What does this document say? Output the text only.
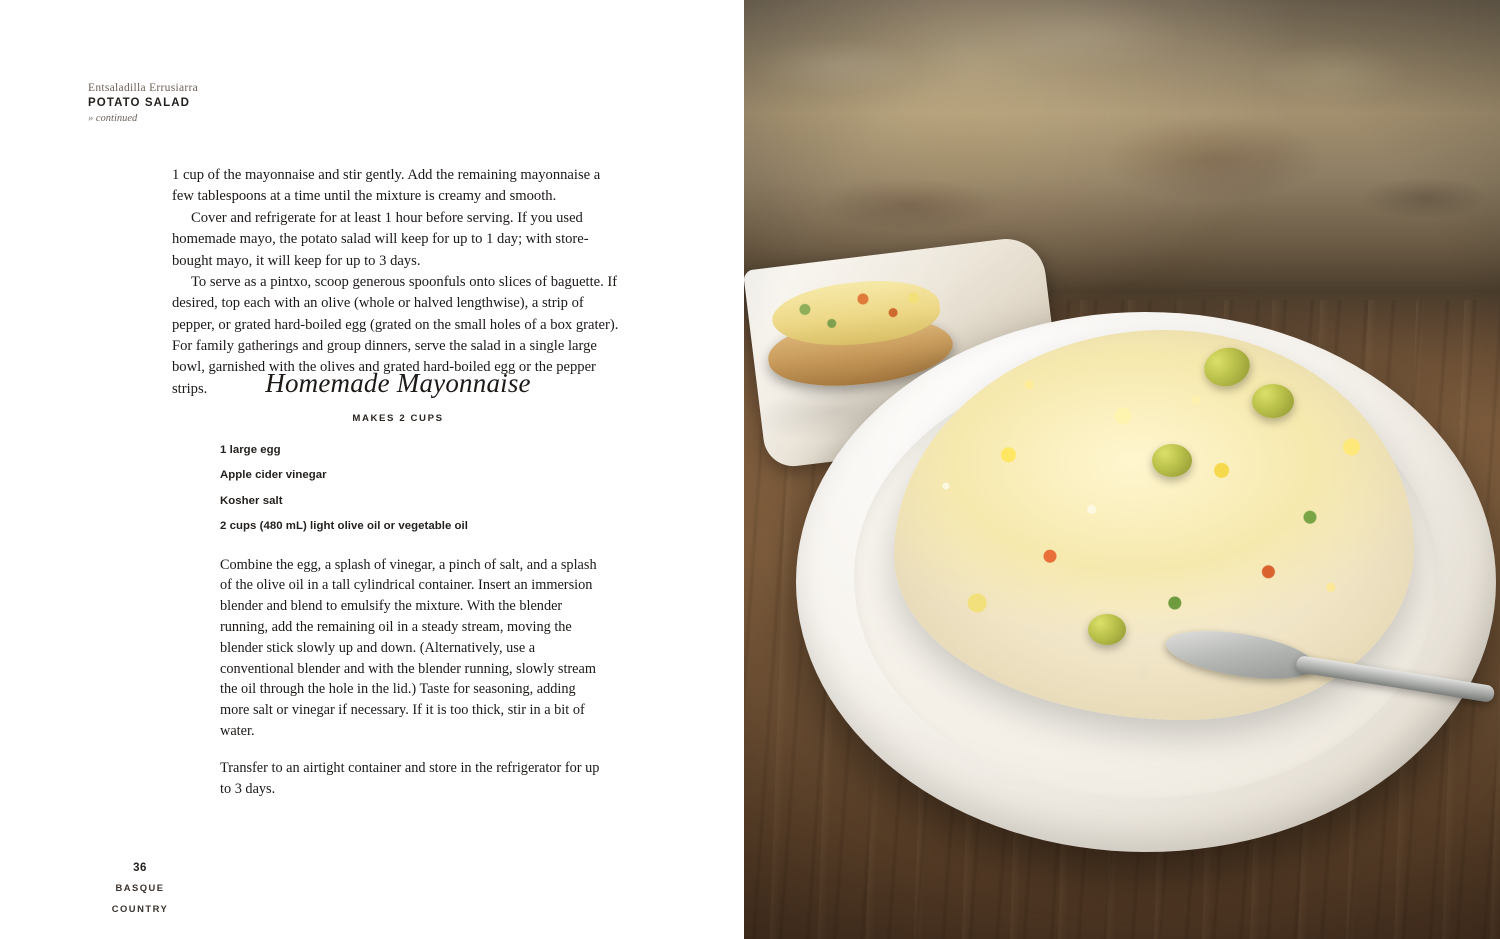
Entsaladilla Errusiarra
POTATO SALAD
» continued

1 cup of the mayonnaise and stir gently. Add the remaining mayonnaise a few tablespoons at a time until the mixture is creamy and smooth.

Cover and refrigerate for at least 1 hour before serving. If you used homemade mayo, the potato salad will keep for up to 1 day; with store-bought mayo, it will keep for up to 3 days.

To serve as a pintxo, scoop generous spoonfuls onto slices of baguette. If desired, top each with an olive (whole or halved lengthwise), a strip of pepper, or grated hard-boiled egg (grated on the small holes of a box grater). For family gatherings and group dinners, serve the salad in a single large bowl, garnished with the olives and grated hard-boiled egg or the pepper strips.	Homemade Mayonnaise
MAKES 2 CUPS
1 large egg
Apple cider vinegar
Kosher salt
2 cups (480 mL) light olive oil or vegetable oil

Combine the egg, a splash of vinegar, a pinch of salt, and a splash of the olive oil in a tall cylindrical container. Insert an immersion blender and blend to emulsify the mixture. With the blender running, add the remaining oil in a steady stream, moving the blender stick slowly up and down. (Alternatively, use a conventional blender and with the blender running, slowly stream the oil through the hole in the lid.) Taste for seasoning, adding more salt or vinegar if necessary. If it is too thick, stir in a bit of water.

Transfer to an airtight container and store in the refrigerator for up to 3 days.

36
BASQUE
COUNTRY
